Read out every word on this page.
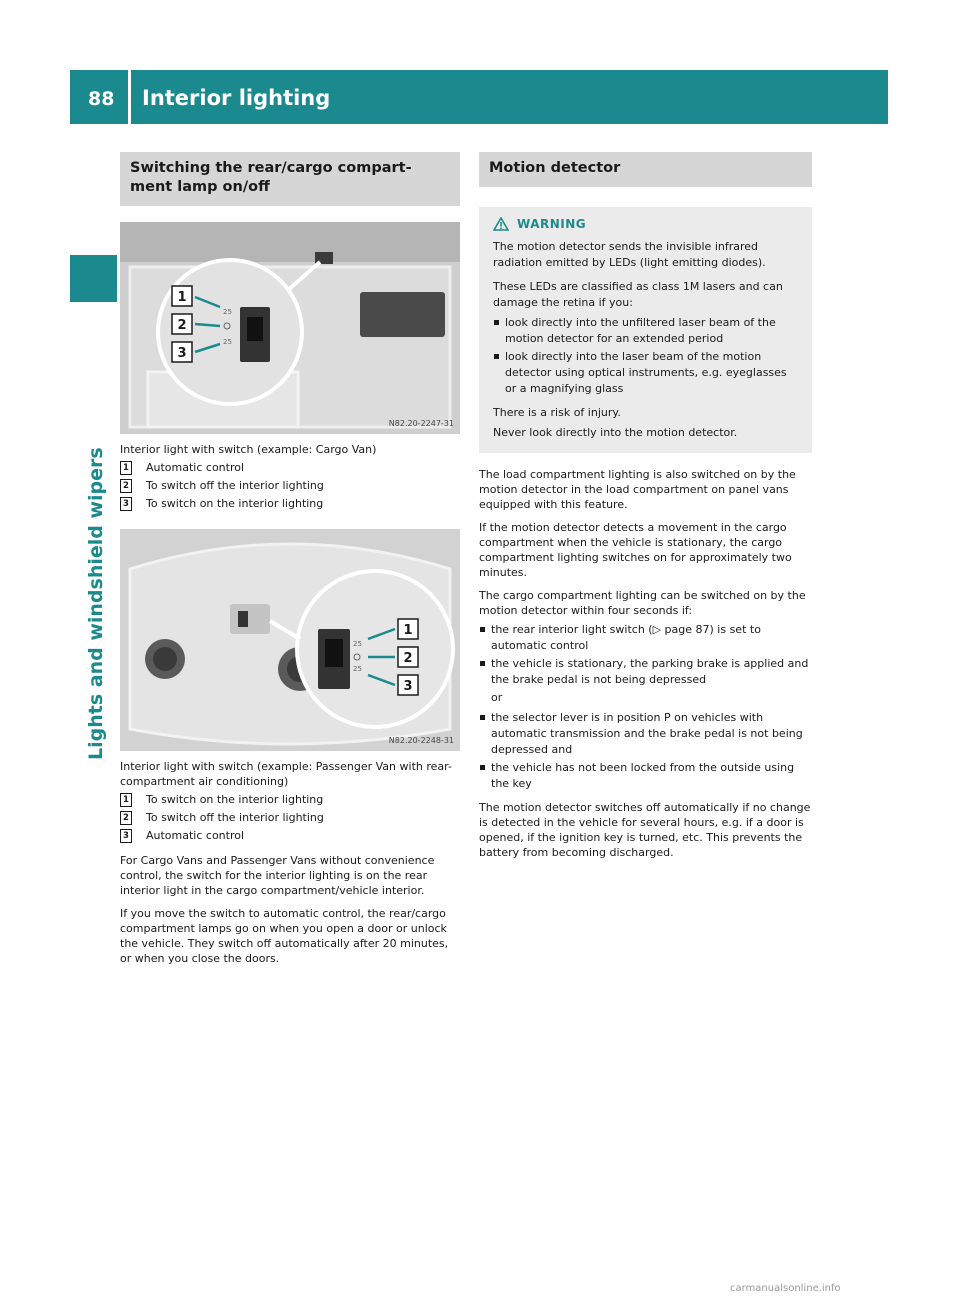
88 Interior lighting
Lights and windshield wipers
Switching the rear/cargo compart-
ment lamp on/off
25
25
1
2
3
N82.20-2247-31
Interior light with switch (example: Cargo Van)
1 Automatic control
2 To switch off the interior lighting
3 To switch on the interior lighting
25
25
1
2
3
N82.20-2248-31
Interior light with switch (example: Passenger Van with rear-compartment air conditioning)
1 To switch on the interior lighting
2 To switch off the interior lighting
3 Automatic control

For Cargo Vans and Passenger Vans without convenience control, the switch for the interior lighting is on the rear interior light in the cargo compartment/vehicle interior.

If you move the switch to automatic control, the rear/cargo compartment lamps go on when you open a door or unlock the vehicle. They switch off automatically after 20 minutes, or when you close the doors.

Motion detector
WARNING

The motion detector sends the invisible infrared radiation emitted by LEDs (light emitting diodes).

These LEDs are classified as class 1M lasers and can damage the retina if you:

look directly into the unfiltered laser beam of the motion detector for an extended period
look directly into the laser beam of the motion detector using optical instruments, e.g. eyeglasses or a magnifying glass

There is a risk of injury.

Never look directly into the motion detector.

The load compartment lighting is also switched on by the motion detector in the load compartment on panel vans equipped with this feature.

If the motion detector detects a movement in the cargo compartment when the vehicle is stationary, the cargo compartment lighting switches on for approximately two minutes.

The cargo compartment lighting can be switched on by the motion detector within four seconds if:

the rear interior light switch (▷ page 87) is set to automatic control
the vehicle is stationary, the parking brake is applied and the brake pedal is not being depressed
or
the selector lever is in position P on vehicles with automatic transmission and the brake pedal is not being depressed and
the vehicle has not been locked from the outside using the key

The motion detector switches off automatically if no change is detected in the vehicle for several hours, e.g. if a door is opened, if the ignition key is turned, etc. This prevents the battery from becoming discharged.

carmanualsonline.info
